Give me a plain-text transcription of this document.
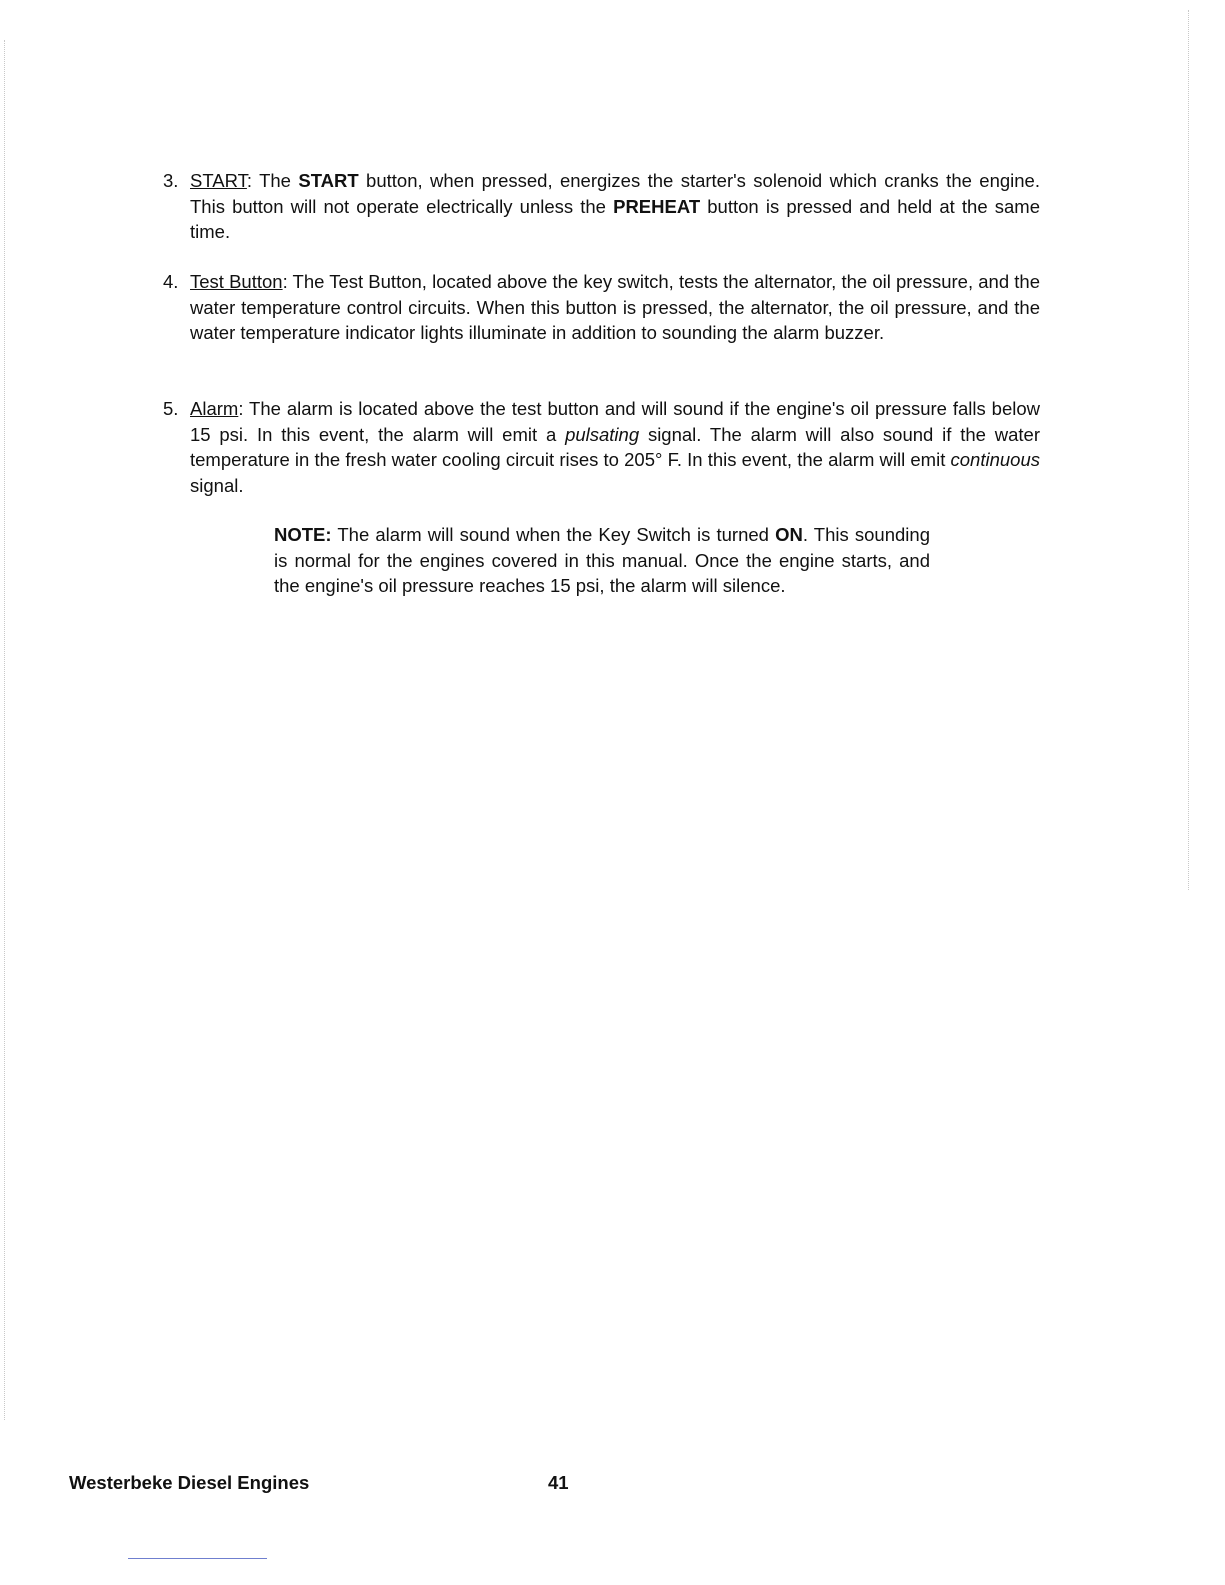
3. START: The START button, when pressed, energizes the starter's solenoid which cranks the engine. This button will not operate electrically unless the PREHEAT button is pressed and held at the same time.
4. Test Button: The Test Button, located above the key switch, tests the alternator, the oil pressure, and the water temperature control circuits. When this button is pressed, the alternator, the oil pressure, and the water temperature indicator lights illuminate in addition to sounding the alarm buzzer.
5. Alarm: The alarm is located above the test button and will sound if the engine's oil pressure falls below 15 psi. In this event, the alarm will emit a pulsating signal. The alarm will also sound if the water temperature in the fresh water cooling circuit rises to 205° F. In this event, the alarm will emit continuous signal.
NOTE: The alarm will sound when the Key Switch is turned ON. This sounding is normal for the engines covered in this manual. Once the engine starts, and the engine's oil pressure reaches 15 psi, the alarm will silence.
Westerbeke Diesel Engines	41
